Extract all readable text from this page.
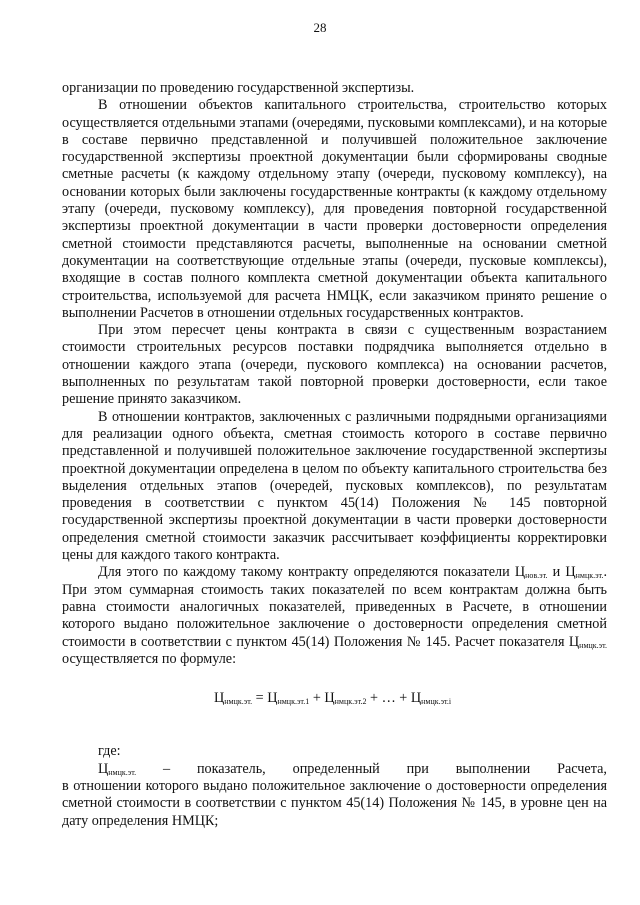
28

организации по проведению государственной экспертизы.

В отношении объектов капитального строительства, строительство которых осуществляется отдельными этапами (очередями, пусковыми комплексами), и на которые в составе первично представленной и получившей положительное заключение государственной экспертизы проектной документации были сформированы сводные сметные расчеты (к каждому отдельному этапу (очереди, пусковому комплексу), на основании которых были заключены государственные контракты (к каждому отдельному этапу (очереди, пусковому комплексу), для проведения повторной государственной экспертизы проектной документации в части проверки достоверности определения сметной стоимости представляются расчеты, выполненные на основании сметной документации на соответствующие отдельные этапы (очереди, пусковые комплексы), входящие в состав полного комплекта сметной документации объекта капитального строительства, используемой для расчета НМЦК, если заказчиком принято решение о выполнении Расчетов в отношении отдельных государственных контрактов.

При этом пересчет цены контракта в связи с существенным возрастанием стоимости строительных ресурсов поставки подрядчика выполняется отдельно в отношении каждого этапа (очереди, пускового комплекса) на основании расчетов, выполненных по результатам такой повторной проверки достоверности, если такое решение принято заказчиком.

В отношении контрактов, заключенных с различными подрядными организациями для реализации одного объекта, сметная стоимость которого в составе первично представленной и получившей положительное заключение государственной экспертизы проектной документации определена в целом по объекту капитального строительства без выделения отдельных этапов (очередей, пусковых комплексов), по результатам проведения в соответствии с пунктом 45(14) Положения № 145 повторной государственной экспертизы проектной документации в части проверки достоверности определения сметной стоимости заказчик рассчитывает коэффициенты корректировки цены для каждого такого контракта.

Для этого по каждому такому контракту определяются показатели $Ц_{нов.эт.}$ и $Ц_{нмцк.эт.}$. При этом суммарная стоимость таких показателей по всем контрактам должна быть равна стоимости аналогичных показателей, приведенных в Расчете, в отношении которого выдано положительное заключение о достоверности определения сметной стоимости в соответствии с пунктом 45(14) Положения № 145. Расчет показателя $Ц_{нмцк.эт.}$ осуществляется по формуле:

$Ц_{нмцк.эт.} = Ц_{нмцк.эт.1} + Ц_{нмцк.эт.2}$ + … + $Ц_{нмцк.эт.i}$

где:

$Ц_{нмцк.эт.}$ – показатель, определенный при выполнении Расчета,

в отношении которого выдано положительное заключение о достоверности определения сметной стоимости в соответствии с пунктом 45(14) Положения № 145, в уровне цен на дату определения НМЦК;
